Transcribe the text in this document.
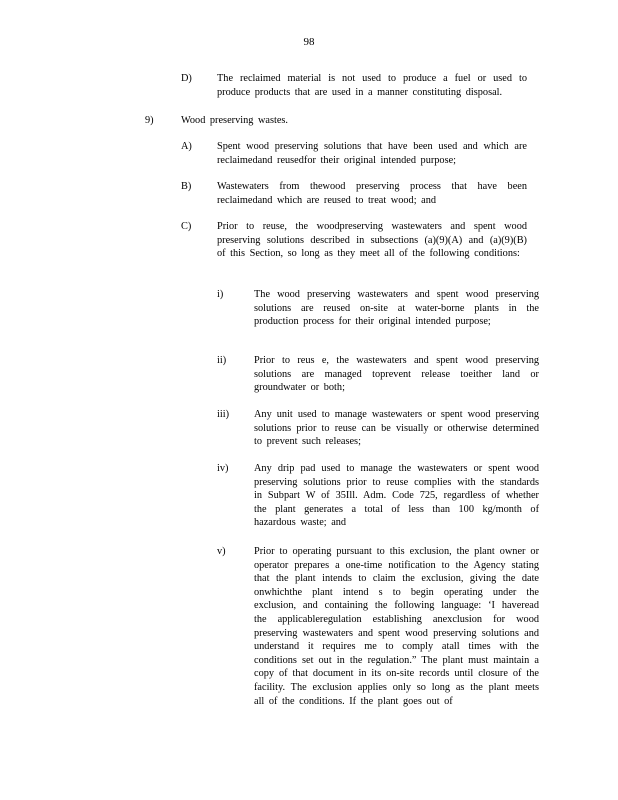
98
D) The reclaimed material is not used to produce a fuel or used to produce products that are used in a manner constituting disposal.
9)	Wood preserving wastes.
A) Spent wood preserving solutions that have been used and which are reclaimedand reusedfor their original intended purpose;
B) Wastewaters from thewood preserving process that have been reclaimedand which are reused to treat wood; and
C) Prior to reuse, the woodpreserving wastewaters and spent wood preserving solutions described in subsections (a)(9)(A) and (a)(9)(B) of this Section, so long as they meet all of the following conditions:
i)	The wood preserving wastewaters and spent wood preserving solutions are reused on-site at water-borne plants in the production process for their original intended purpose;
ii)	Prior to reus e, the wastewaters and spent wood preserving solutions are managed toprevent release toeither land or groundwater or both;
iii) Any unit used to manage wastewaters or spent wood preserving solutions prior to reuse can be visually or otherwise determined to prevent such releases;
iv) Any drip pad used to manage the wastewaters or spent wood preserving solutions prior to reuse complies with the standards in Subpart W of 35Ill. Adm. Code 725, regardless of whether the plant generates a total of less than 100 kg/month of hazardous waste; and
v)	Prior to operating pursuant to this exclusion, the plant owner or operator prepares a one-time notification to the Agency stating that the plant intends to claim the exclusion, giving the date onwhichthe plant intend s to begin operating under the exclusion, and containing the following language: ‘I haveread the applicableregulation establishing anexclusion for wood preserving wastewaters and spent wood preserving solutions and understand it requires me to comply atall times with the conditions set out in the regulation.” The plant must maintain a copy of that document in its on-site records until closure of the facility. The exclusion applies only so long as the plant meets all of the conditions. If the plant goes out of
